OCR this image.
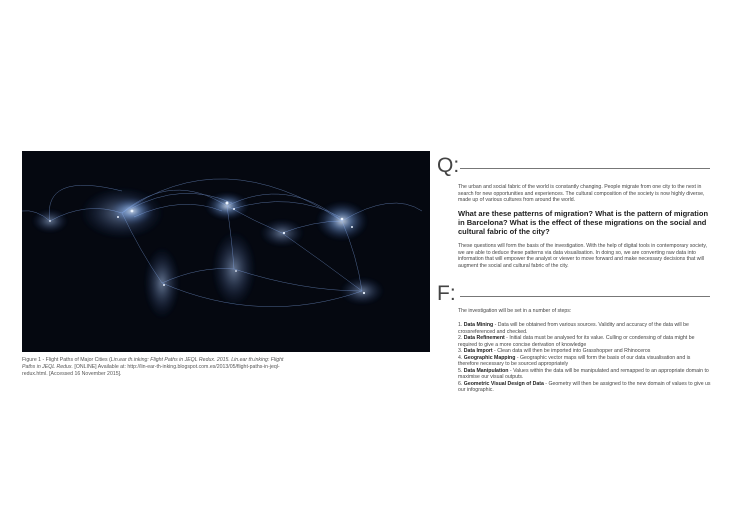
Figure 1 - Flight Paths of Major Cities (Lin.ear th.inking: Flight Paths in JEQL Redux. 2015. Lin.ear th.inking: Flight Paths in JEQL Redux. [ONLINE] Available at: http://lin-ear-th-inking.blogspot.com.es/2013/05/flight-paths-in-jeql-redux.html. [Accessed 16 November 2015].
Q:
The urban and social fabric of the world is constantly changing. People migrate from one city to the next in search for new opportunities and experiences. The cultural composition of the society is now highly diverse, made up of various cultures from around the world.
What are these patterns of migration? What is the pattern of migration in Barcelona? What is the effect of these migrations on the social and cultural fabric of the city?
These questions will form the basis of the investigation. With the help of digital tools in contemporary society, we are able to deduce these patterns via data visualisation. In doing so, we are converting raw data into information that will empower the analyst or viewer to move forward and make necessary decisions that will augment the social and cultural fabric of the city.
F:
The investigation will be set in a number of steps:

1. Data Mining - Data will be obtained from various sources. Validity and accuracy of the data will be crossreferenced and checked.

2. Data Refinement - Initial data must be analysed for its value. Culling or condensing of data might be required to give a more concise derivation of knowledge

3. Data Import - Clean data will then be imported into Grasshopper and Rhinoceros

4. Geographic Mapping - Geographic vector maps will form the basis of our data visualisation and is therefore necessary to be sourced appropriately

5. Data Manipulation - Values within the data will be manipulated and remapped to an appropriate domain to maximise our visual outputs.

6. Geometric Visual Design of Data - Geometry will then be assigned to the new domain of values to give us our infographic.
